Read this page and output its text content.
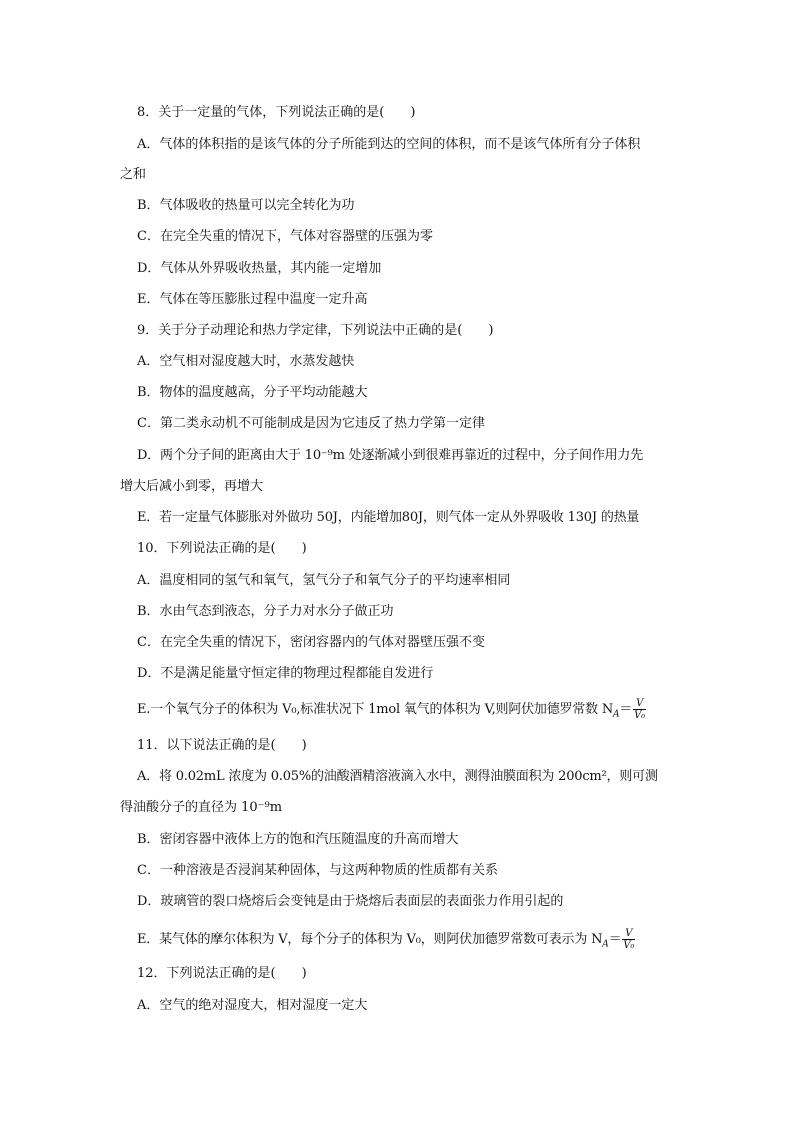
8．关于一定量的气体，下列说法正确的是(　　)
A．气体的体积指的是该气体的分子所能到达的空间的体积，而不是该气体所有分子体积
之和
B．气体吸收的热量可以完全转化为功
C．在完全失重的情况下，气体对容器壁的压强为零
D．气体从外界吸收热量，其内能一定增加
E．气体在等压膨胀过程中温度一定升高
9．关于分子动理论和热力学定律，下列说法中正确的是(　　)
A．空气相对湿度越大时，水蒸发越快
B．物体的温度越高，分子平均动能越大
C．第二类永动机不可能制成是因为它违反了热力学第一定律
D．两个分子间的距离由大于 10⁻⁹m 处逐渐减小到很难再靠近的过程中，分子间作用力先
增大后减小到零，再增大
E．若一定量气体膨胀对外做功 50J，内能增加80J，则气体一定从外界吸收 130J 的热量
10．下列说法正确的是(　　)
A．温度相同的氢气和氧气，氢气分子和氧气分子的平均速率相同
B．水由气态到液态，分子力对水分子做正功
C．在完全失重的情况下，密闭容器内的气体对器壁压强不变
D．不是满足能量守恒定律的物理过程都能自发进行
E.一个氧气分子的体积为 V₀,标准状况下 1mol 氧气的体积为 V,则阿伏加德罗常数 $N_A= \frac{V}{\text{V₀}}$
11．以下说法正确的是(　　)
A．将 0.02mL 浓度为 0.05%的油酸酒精溶液滴入水中，测得油膜面积为 200cm²，则可测
得油酸分子的直径为 10⁻⁹m
B．密闭容器中液体上方的饱和汽压随温度的升高而增大
C．一种溶液是否浸润某种固体，与这两种物质的性质都有关系
D．玻璃管的裂口烧熔后会变钝是由于烧熔后表面层的表面张力作用引起的
E．某气体的摩尔体积为 V，每个分子的体积为 V₀，则阿伏加德罗常数可表示为 $N_A= \frac{V}{\text{V₀}}$
12．下列说法正确的是(　　)
A．空气的绝对湿度大，相对湿度一定大
